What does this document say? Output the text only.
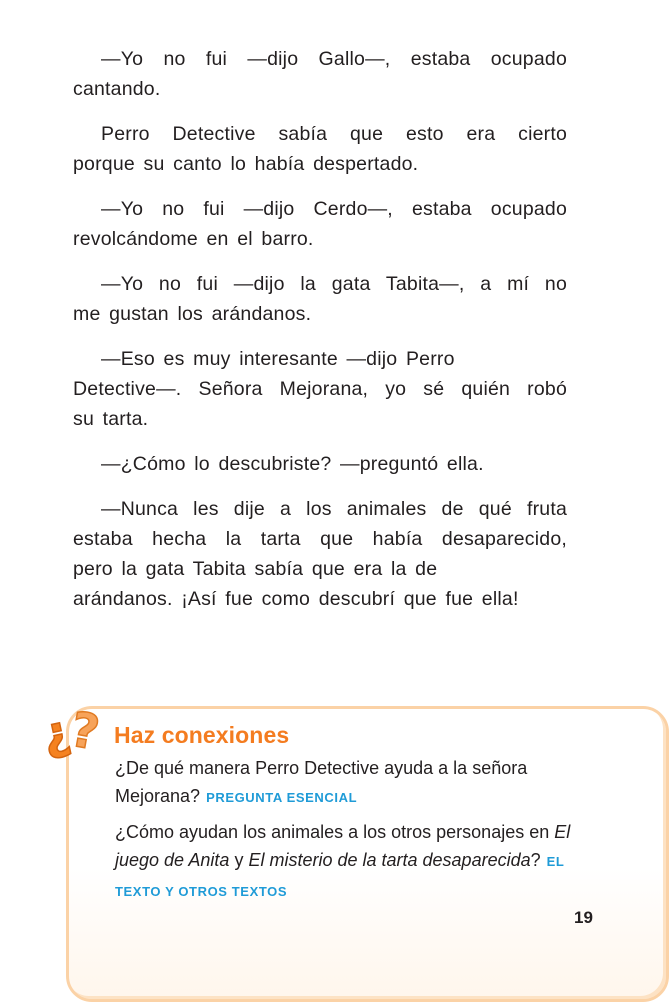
—Yo no fui —dijo Gallo—, estaba ocupado
cantando.

Perro Detective sabía que esto era cierto
porque su canto lo había despertado.

—Yo no fui —dijo Cerdo—, estaba ocupado
revolcándome en el barro.

—Yo no fui —dijo la gata Tabita—, a mí no
me gustan los arándanos.

—Eso es muy interesante —dijo Perro
Detective—. Señora Mejorana, yo sé quién robó
su tarta.

—¿Cómo lo descubriste? —preguntó ella.

—Nunca les dije a los animales de qué fruta
estaba hecha la tarta que había desaparecido,
pero la gata Tabita sabía que era la de
arándanos. ¡Así fue como descubrí que fue ella!

¿
? Haz conexiones
¿De qué manera Perro Detective ayuda a la señora Mejorana? PREGUNTA ESENCIAL
¿Cómo ayudan los animales a los otros personajes en El juego de Anita y El misterio de la tarta desaparecida? EL TEXTO Y OTROS TEXTOS
19
